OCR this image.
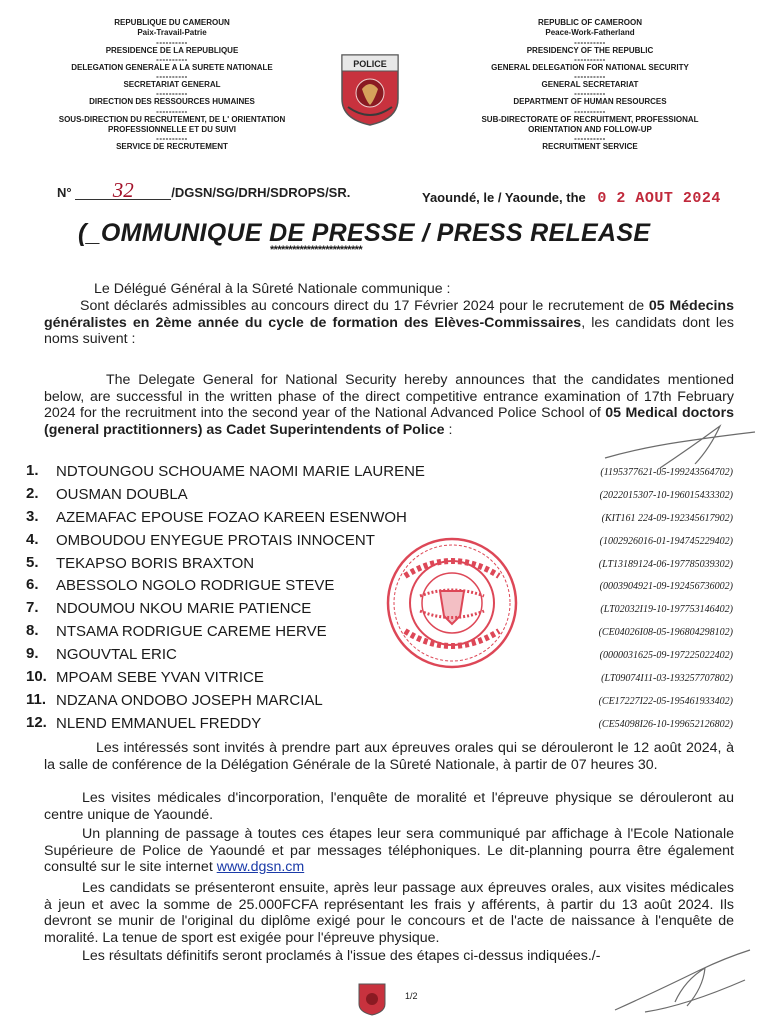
REPUBLIQUE DU CAMEROUN
Paix-Travail-Patrie
----------
PRESIDENCE DE LA REPUBLIQUE
----------
DELEGATION GENERALE A LA SURETE NATIONALE
----------
SECRETARIAT GENERAL
----------
DIRECTION DES RESSOURCES HUMAINES
----------
SOUS-DIRECTION DU RECRUTEMENT, DE L' ORIENTATION
PROFESSIONNELLE ET DU SUIVI
----------
SERVICE DE RECRUTEMENT
REPUBLIC OF CAMEROON
Peace-Work-Fatherland
----------
PRESIDENCY OF THE REPUBLIC
----------
GENERAL DELEGATION FOR NATIONAL SECURITY
----------
GENERAL SECRETARIAT
----------
DEPARTMENT OF HUMAN RESOURCES
----------
SUB-DIRECTORATE OF RECRUITMENT, PROFESSIONAL
ORIENTATION AND FOLLOW-UP
----------
RECRUITMENT SERVICE
POLICE
N° 32	/DGSN/SG/DRH/SDROPS/SR.	Yaoundé, le / Yaounde, the 0 2 AOUT 2024
(_OMMUNIQUE DE PRESSE / PRESS RELEASE
*************************
Le Délégué Général à la Sûreté Nationale communique :
Sont déclarés admissibles au concours direct du 17 Février 2024 pour le recrutement de 05 Médecins généralistes en 2ème année du cycle de formation des Elèves-Commissaires, les candidats dont les noms suivent :
The Delegate General for National Security hereby announces that the candidates mentioned below, are successful in the written phase of the direct competitive entrance examination of 17th February 2024 for the recruitment into the second year of the National Advanced Police School of 05 Medical doctors (general practitionners) as Cadet Superintendents of Police :
1. NDTOUNGOU SCHOUAME NAOMI MARIE LAURENE	(1195377621-05-199243564702)
2. OUSMAN DOUBLA	(2022015307-10-196015433302)
3. AZEMAFAC EPOUSE FOZAO KAREEN ESENWOH	(KIT161 224-09-192345617902)
4. OMBOUDOU ENYEGUE PROTAIS INNOCENT	(1002926016-01-194745229402)
5. TEKAPSO BORIS BRAXTON	(LT13189124-06-197785039302)
6. ABESSOLO NGOLO RODRIGUE STEVE	(0003904921-09-192456736002)
7. NDOUMOU NKOU MARIE PATIENCE	(LT02032I19-10-197753146402)
8. NTSAMA RODRIGUE CAREME HERVE	(CE04026I08-05-196804298102)
9. NGOUVTAL ERIC	(0000031625-09-197225022402)
10. MPOAM SEBE YVAN VITRICE	(LT09074I11-03-193257707802)
11. NDZANA ONDOBO JOSEPH MARCIAL	(CE17227I22-05-195461933402)
12. NLEND EMMANUEL FREDDY	(CE54098I26-10-199652126802)
Les intéressés sont invités à prendre part aux épreuves orales qui se dérouleront le 12 août 2024, à la salle de conférence de la Délégation Générale de la Sûreté Nationale, à partir de 07 heures 30.
Les visites médicales d'incorporation, l'enquête de moralité et l'épreuve physique se dérouleront au centre unique de Yaoundé.
Un planning de passage à toutes ces étapes leur sera communiqué par affichage à l'Ecole Nationale Supérieure de Police de Yaoundé et par messages téléphoniques. Le dit-planning pourra être également consulté sur le site internet www.dgsn.cm
Les candidats se présenteront ensuite, après leur passage aux épreuves orales, aux visites médicales à jeun et avec la somme de 25.000FCFA représentant les frais y afférents, à partir du 13 août 2024. Ils devront se munir de l'original du diplôme exigé pour le concours et de l'acte de naissance à l'enquête de moralité. La tenue de sport est exigée pour l'épreuve physique.
Les résultats définitifs seront proclamés à l'issue des étapes ci-dessus indiquées./-
1/2
